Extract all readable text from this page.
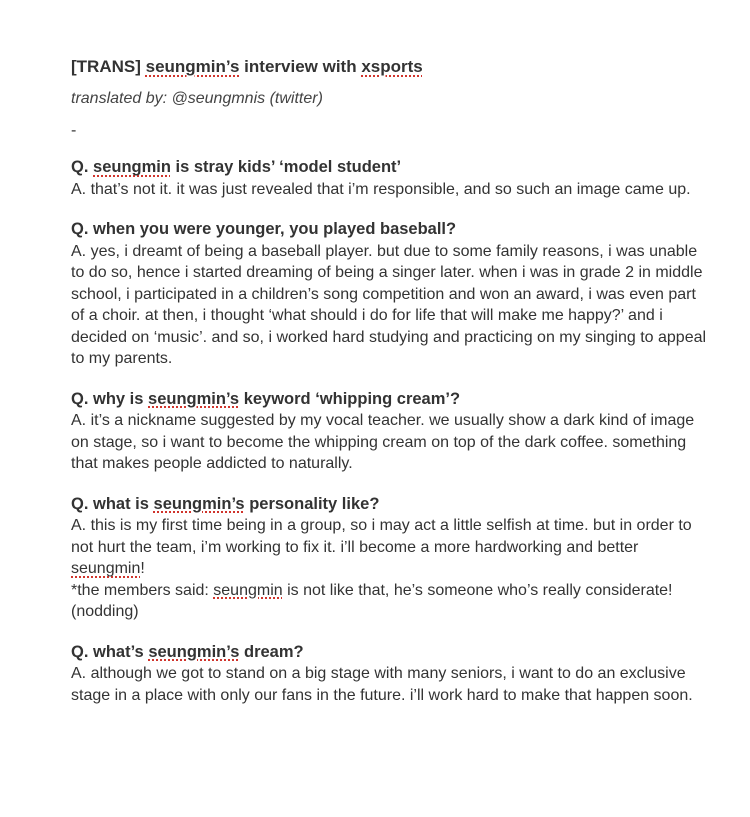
[TRANS] seungmin’s interview with xsports

translated by: @seungmnis (twitter)

-

Q. seungmin is stray kids’ ‘model student’

A. that’s not it. it was just revealed that i’m responsible, and so such an image came up.

Q. when you were younger, you played baseball?

A. yes, i dreamt of being a baseball player. but due to some family reasons, i was unable to do so, hence i started dreaming of being a singer later. when i was in grade 2 in middle school, i participated in a children’s song competition and won an award, i was even part of a choir. at then, i thought ‘what should i do for life that will make me happy?’ and i decided on ‘music’. and so, i worked hard studying and practicing on my singing to appeal to my parents.

Q. why is seungmin’s keyword ‘whipping cream’?

A. it’s a nickname suggested by my vocal teacher. we usually show a dark kind of image on stage, so i want to become the whipping cream on top of the dark coffee. something that makes people addicted to naturally.

Q. what is seungmin’s personality like?

A. this is my first time being in a group, so i may act a little selfish at time. but in order to not hurt the team, i’m working to fix it. i’ll become a more hardworking and better seungmin!

*the members said: seungmin is not like that, he’s someone who’s really considerate! (nodding)

Q. what’s seungmin’s dream?

A. although we got to stand on a big stage with many seniors, i want to do an exclusive stage in a place with only our fans in the future. i’ll work hard to make that happen soon.
